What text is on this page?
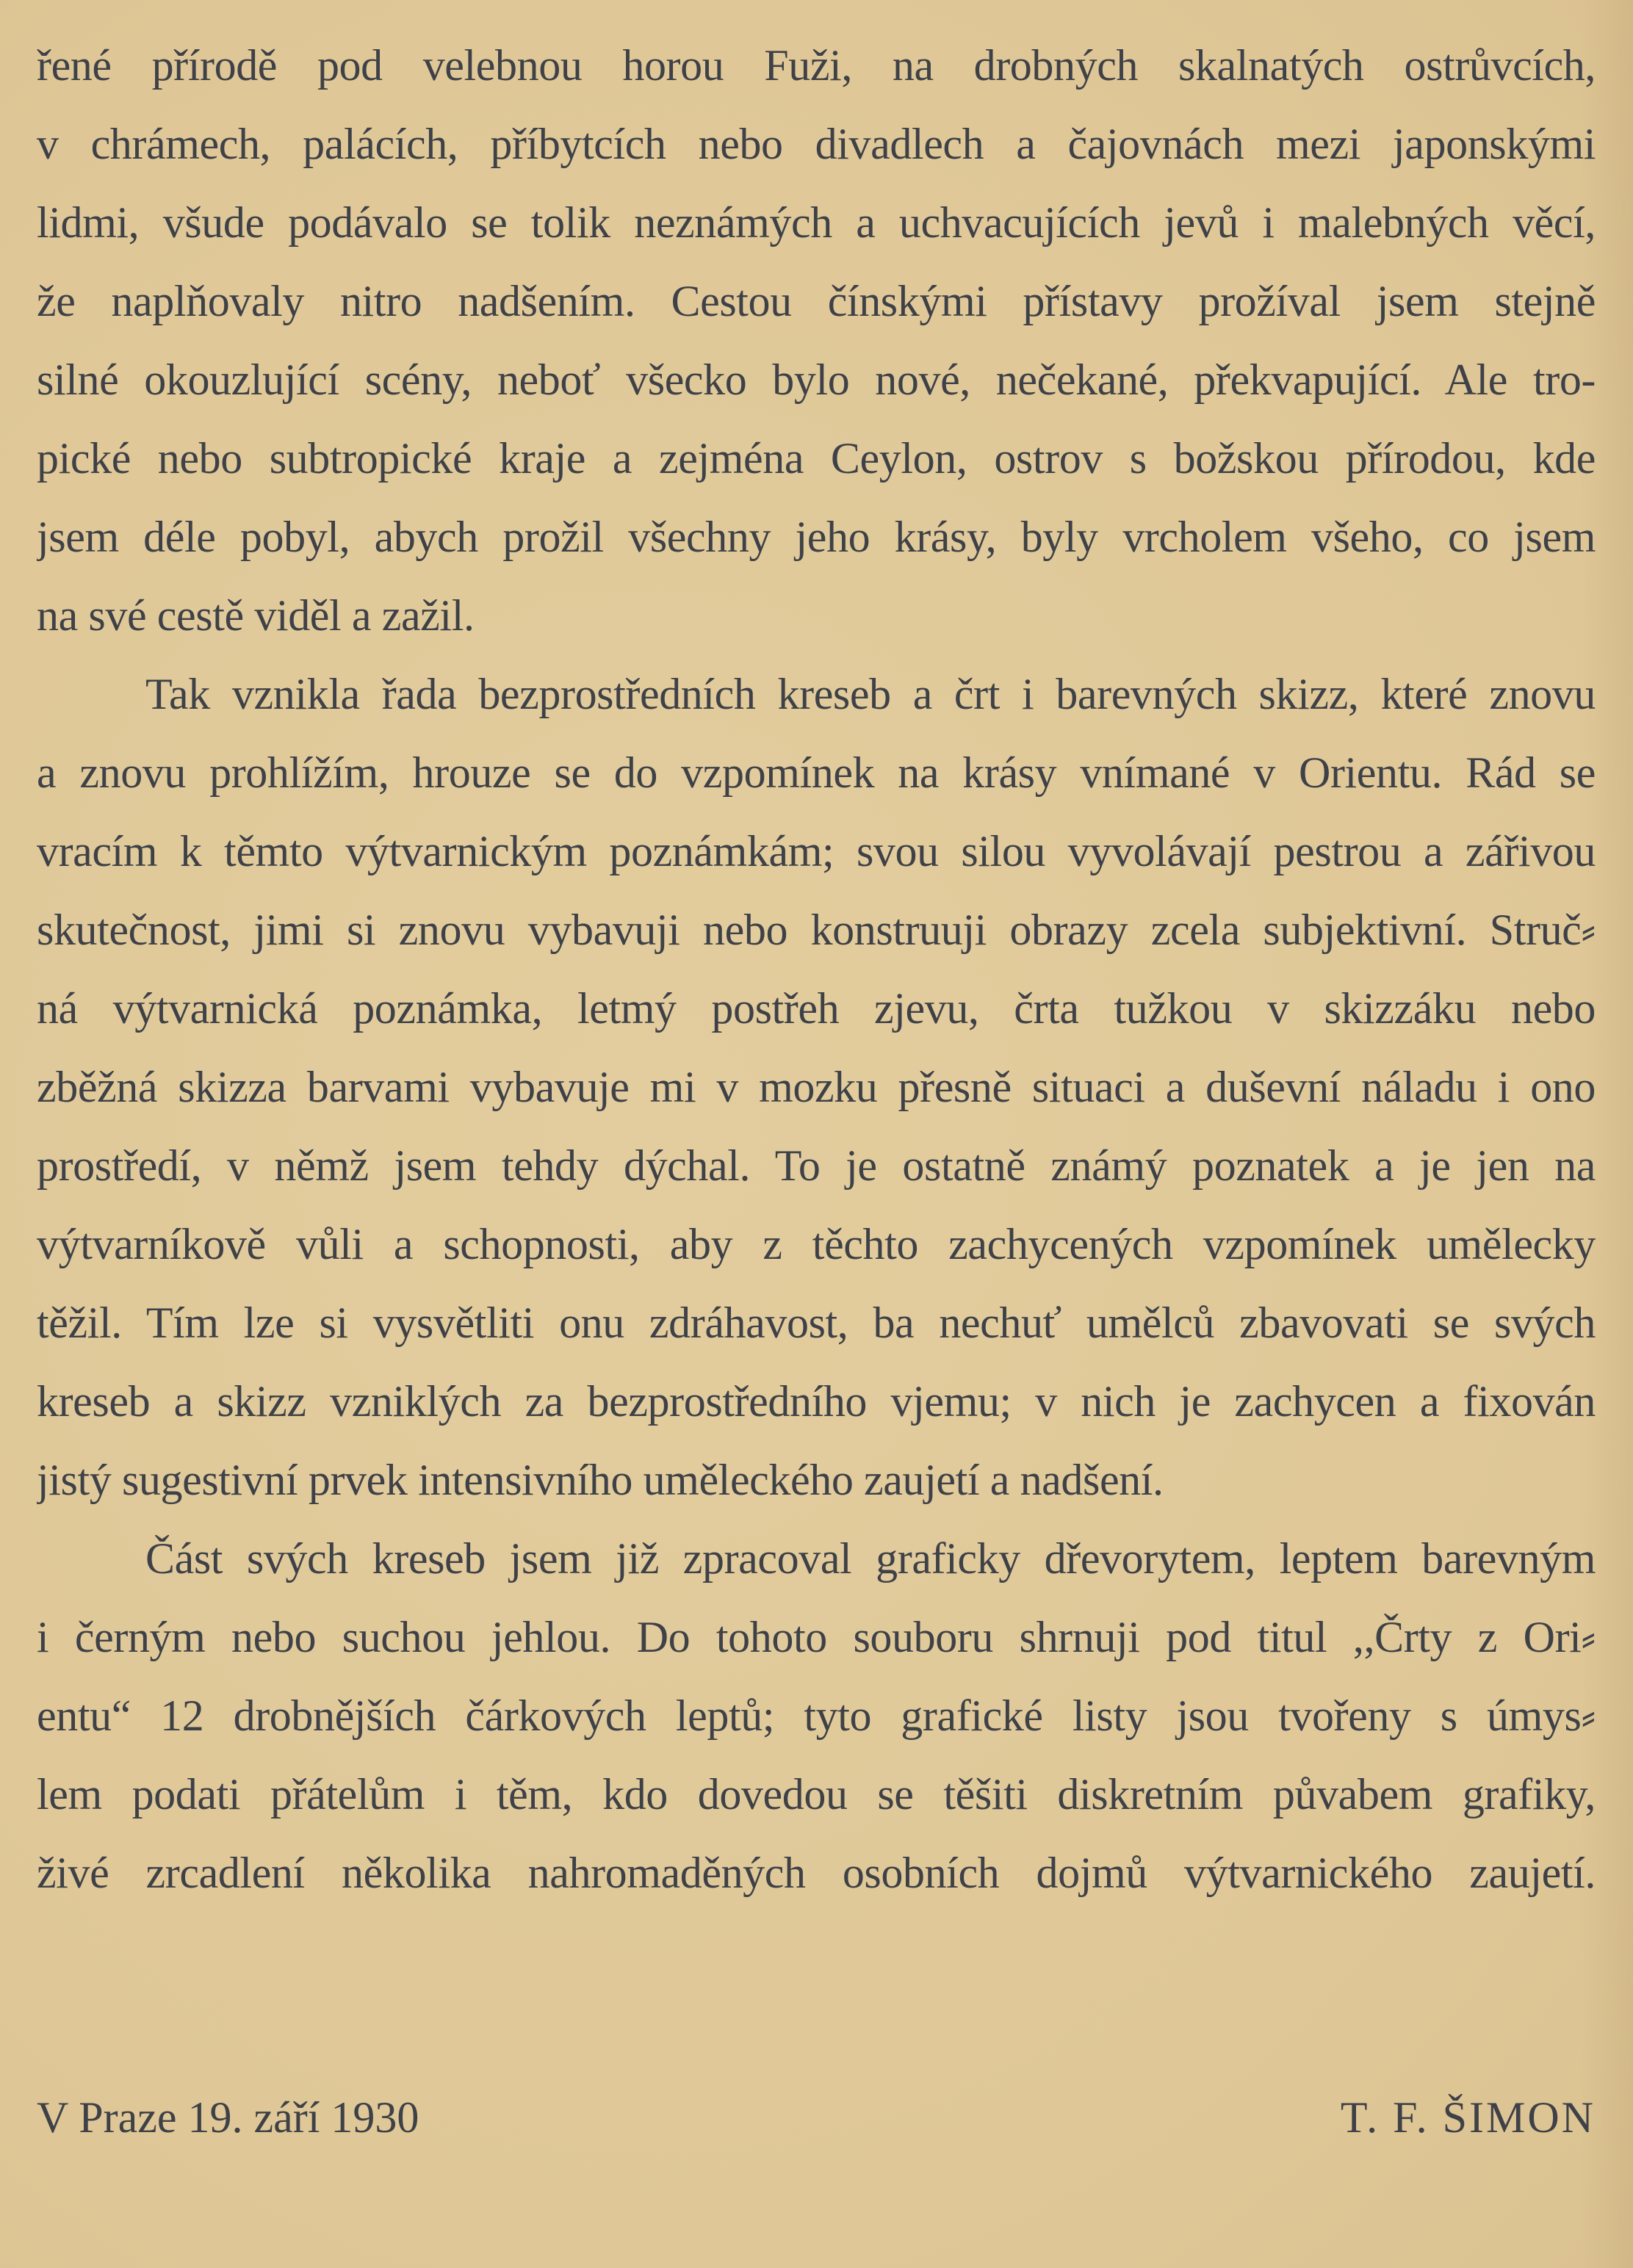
řené přírodě pod velebnou horou Fuži, na drobných skalnatých ostrůvcích,
v chrámech, palácích, příbytcích nebo divadlech a čajovnách mezi japonskými
lidmi, všude podávalo se tolik neznámých a uchvacujících jevů i malebných věcí,
že naplňovaly nitro nadšením. Cestou čínskými přístavy prožíval jsem stejně
silné okouzlující scény, neboť všecko bylo nové, nečekané, překvapující. Ale tro-
pické nebo subtropické kraje a zejména Ceylon, ostrov s božskou přírodou, kde
jsem déle pobyl, abych prožil všechny jeho krásy, byly vrcholem všeho, co jsem
na své cestě viděl a zažil.
Tak vznikla řada bezprostředních kreseb a črt i barevných skizz, které znovu
a znovu prohlížím, hrouze se do vzpomínek na krásy vnímané v Orientu. Rád se
vracím k těmto výtvarnickým poznámkám; svou silou vyvolávají pestrou a zářivou
skutečnost, jimi si znovu vybavuji nebo konstruuji obrazy zcela subjektivní. Struč⸗
ná výtvarnická poznámka, letmý postřeh zjevu, črta tužkou v skizzáku nebo
zběžná skizza barvami vybavuje mi v mozku přesně situaci a duševní náladu i ono
prostředí, v němž jsem tehdy dýchal. To je ostatně známý poznatek a je jen na
výtvarníkově vůli a schopnosti, aby z těchto zachycených vzpomínek umělecky
těžil. Tím lze si vysvětliti onu zdráhavost, ba nechuť umělců zbavovati se svých
kreseb a skizz vzniklých za bezprostředního vjemu; v nich je zachycen a fixován
jistý sugestivní prvek intensivního uměleckého zaujetí a nadšení.
Část svých kreseb jsem již zpracoval graficky dřevorytem, leptem barevným
i černým nebo suchou jehlou. Do tohoto souboru shrnuji pod titul ,,Črty z Ori⸗
entu“ 12 drobnějších čárkových leptů; tyto grafické listy jsou tvořeny s úmys⸗
lem podati přátelům i těm, kdo dovedou se těšiti diskretním půvabem grafiky,
živé zrcadlení několika nahromaděných osobních dojmů výtvarnického zaujetí.
V Praze 19. září 1930	T. F. ŠIMON
